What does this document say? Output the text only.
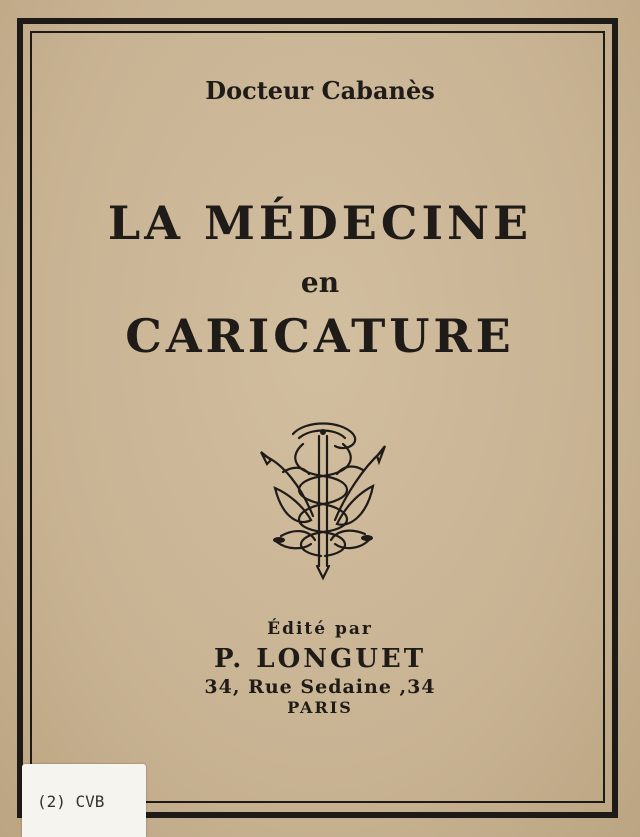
Docteur Cabanès
LA MÉDECINE
en
CARICATURE
Édité par
P. LONGUET
34, Rue Sedaine ,34
PARIS
(2) CVB
